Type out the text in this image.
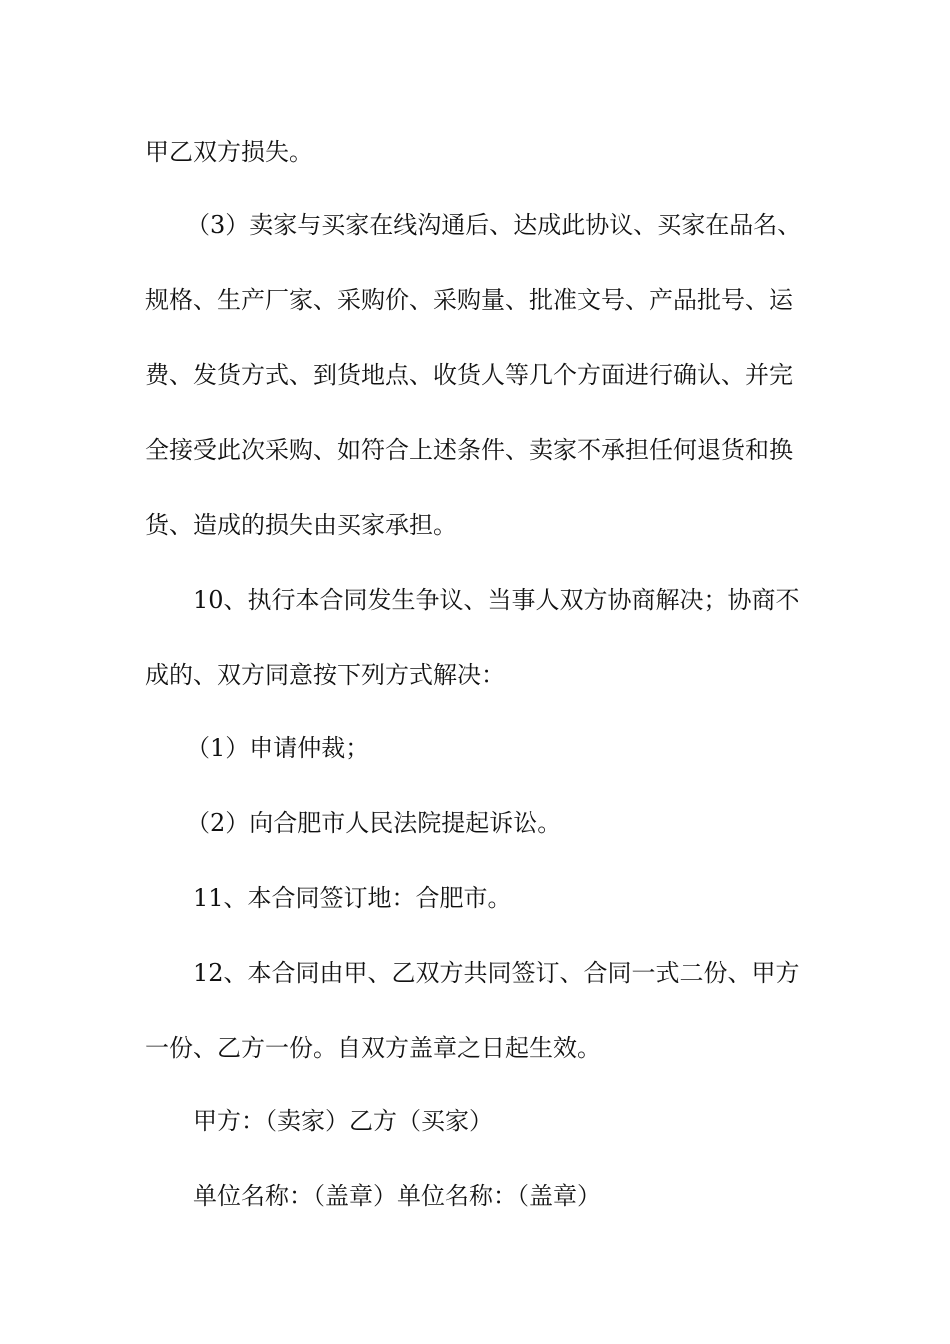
甲乙双方损失。
（3）卖家与买家在线沟通后、达成此协议、买家在品名、
规格、生产厂家、采购价、采购量、批准文号、产品批号、运
费、发货方式、到货地点、收货人等几个方面进行确认、并完
全接受此次采购、如符合上述条件、卖家不承担任何退货和换
货、造成的损失由买家承担。
10、执行本合同发生争议、当事人双方协商解决；协商不
成的、双方同意按下列方式解决：
（1）申请仲裁；
（2）向合肥市人民法院提起诉讼。
11、本合同签订地：合肥市。
12、本合同由甲、乙双方共同签订、合同一式二份、甲方
一份、乙方一份。自双方盖章之日起生效。
甲方：（卖家）乙方（买家）
单位名称：（盖章）单位名称：（盖章）
